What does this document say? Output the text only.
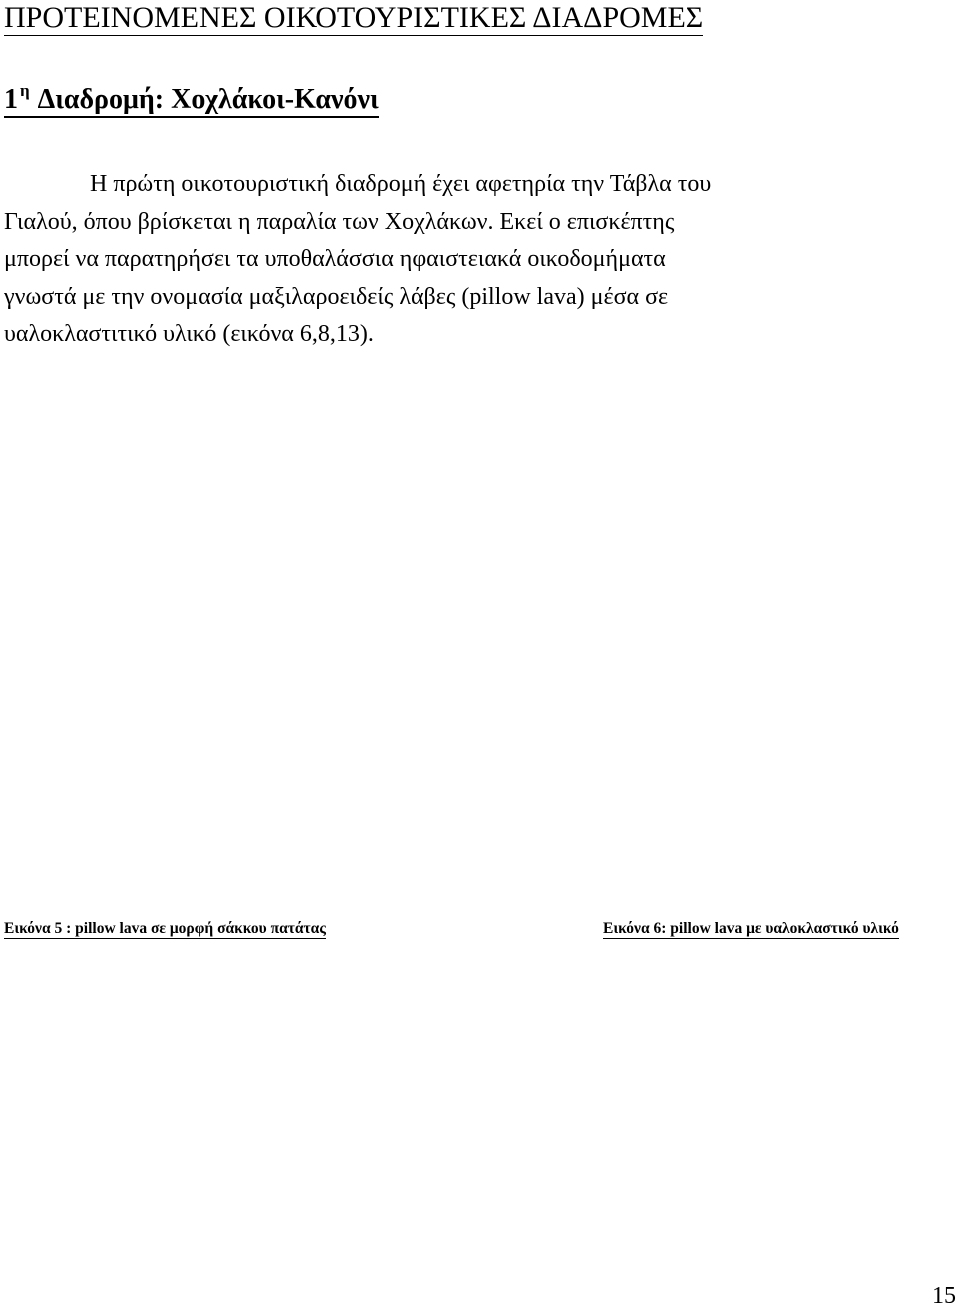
ΠΡΟΤΕΙΝΟΜΕΝΕΣ ΟΙΚΟΤΟΥΡΙΣΤΙΚΕΣ ΔΙΑΔΡΟΜΕΣ
1 $^\eta$ Διαδρομή: Χοχλάκοι-Κανόνι

Η πρώτη οικοτουριστική διαδρομή έχει αφετηρία την Τάβλα του
Γιαλού, όπου βρίσκεται η παραλία των Χοχλάκων. Εκεί ο επισκέπτης
μπορεί να παρατηρήσει τα υποθαλάσσια ηφαιστειακά οικοδομήματα
γνωστά με την ονομασία μαξιλαροειδείς λάβες (pillow lava) μέσα σε
υαλοκλαστιτικό υλικό (εικόνα 6,8,13).

Εικόνα 5 : pillow lava σε μορφή σάκκου πατάτας	Εικόνα 6: pillow lava με υαλοκλαστικό υλικό

15
